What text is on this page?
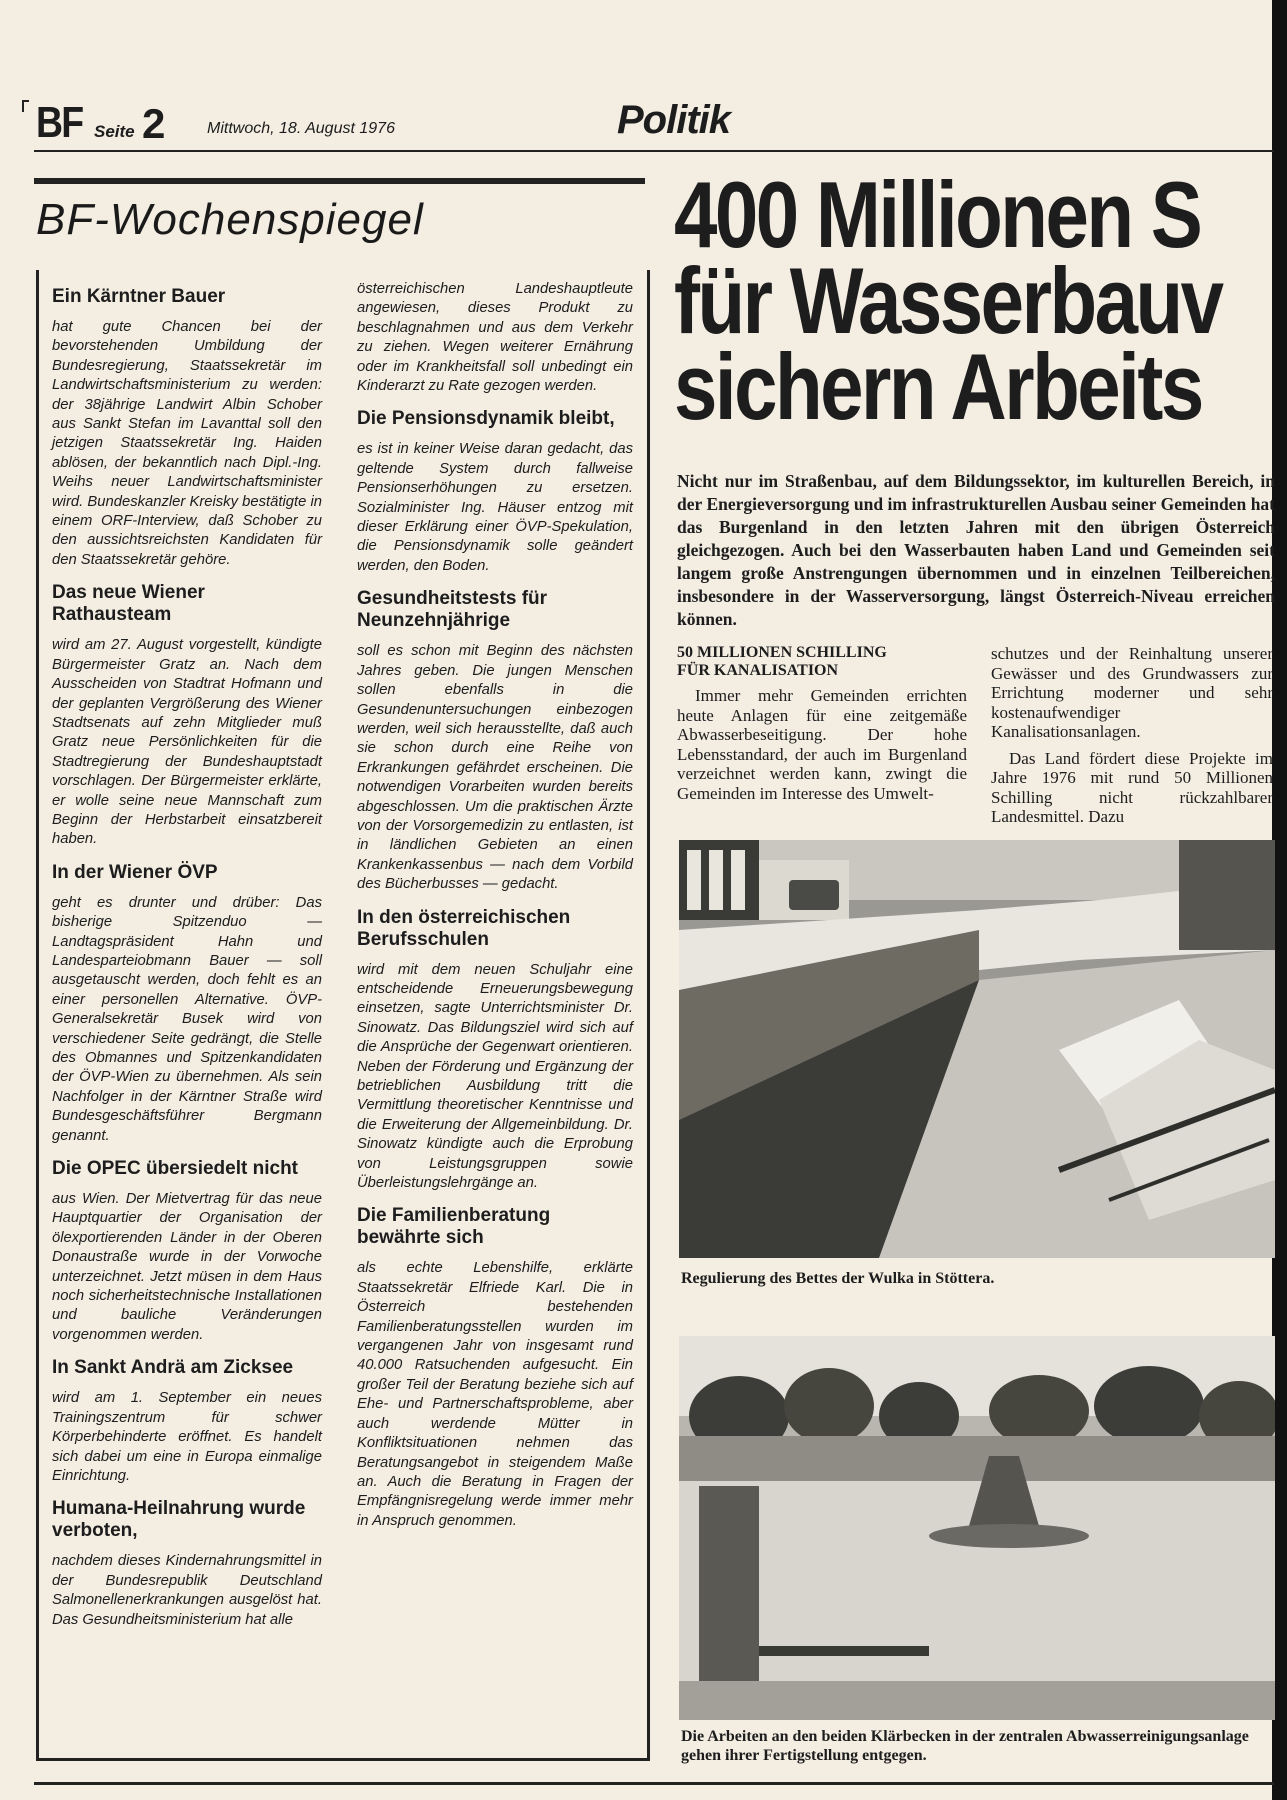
BF Seite 2	Mittwoch, 18. August 1976	Politik
BF-Wochenspiegel
Ein Kärntner Bauer
hat gute Chancen bei der bevorstehenden Umbildung der Bundesregierung, Staatssekretär im Landwirtschaftsministerium zu werden: der 38jährige Landwirt Albin Schober aus Sankt Stefan im Lavanttal soll den jetzigen Staatssekretär Ing. Haiden ablösen, der bekanntlich nach Dipl.-Ing. Weihs neuer Landwirtschaftsminister wird. Bundeskanzler Kreisky bestätigte in einem ORF-Interview, daß Schober zu den aussichtsreichsten Kandidaten für den Staatssekretär gehöre.
Das neue Wiener Rathausteam
wird am 27. August vorgestellt, kündigte Bürgermeister Gratz an. Nach dem Ausscheiden von Stadtrat Hofmann und der geplanten Vergrößerung des Wiener Stadtsenats auf zehn Mitglieder muß Gratz neue Persönlichkeiten für die Stadtregierung der Bundeshauptstadt vorschlagen. Der Bürgermeister erklärte, er wolle seine neue Mannschaft zum Beginn der Herbstarbeit einsatzbereit haben.
In der Wiener ÖVP
geht es drunter und drüber: Das bisherige Spitzenduo — Landtagspräsident Hahn und Landesparteiobmann Bauer — soll ausgetauscht werden, doch fehlt es an einer personellen Alternative. ÖVP-Generalsekretär Busek wird von verschiedener Seite gedrängt, die Stelle des Obmannes und Spitzenkandidaten der ÖVP-Wien zu übernehmen. Als sein Nachfolger in der Kärntner Straße wird Bundesgeschäftsführer Bergmann genannt.
Die OPEC übersiedelt nicht
aus Wien. Der Mietvertrag für das neue Hauptquartier der Organisation der ölexportierenden Länder in der Oberen Donaustraße wurde in der Vorwoche unterzeichnet. Jetzt müsen in dem Haus noch sicherheitstechnische Installationen und bauliche Veränderungen vorgenommen werden.
In Sankt Andrä am Zicksee
wird am 1. September ein neues Trainingszentrum für schwer Körperbehinderte eröffnet. Es handelt sich dabei um eine in Europa einmalige Einrichtung.
Humana-Heilnahrung wurde verboten,
nachdem dieses Kindernahrungsmittel in der Bundesrepublik Deutschland Salmonellenerkrankungen ausgelöst hat. Das Gesundheitsministerium hat alle
österreichischen Landeshauptleute angewiesen, dieses Produkt zu beschlagnahmen und aus dem Verkehr zu ziehen. Wegen weiterer Ernährung oder im Krankheitsfall soll unbedingt ein Kinderarzt zu Rate gezogen werden.
Die Pensionsdynamik bleibt,
es ist in keiner Weise daran gedacht, das geltende System durch fallweise Pensionserhöhungen zu ersetzen. Sozialminister Ing. Häuser entzog mit dieser Erklärung einer ÖVP-Spekulation, die Pensionsdynamik solle geändert werden, den Boden.
Gesundheitstests für Neunzehnjährige
soll es schon mit Beginn des nächsten Jahres geben. Die jungen Menschen sollen ebenfalls in die Gesundenuntersuchungen einbezogen werden, weil sich herausstellte, daß auch sie schon durch eine Reihe von Erkrankungen gefährdet erscheinen. Die notwendigen Vorarbeiten wurden bereits abgeschlossen. Um die praktischen Ärzte von der Vorsorgemedizin zu entlasten, ist in ländlichen Gebieten an einen Krankenkassenbus — nach dem Vorbild des Bücherbusses — gedacht.
In den österreichischen Berufsschulen
wird mit dem neuen Schuljahr eine entscheidende Erneuerungsbewegung einsetzen, sagte Unterrichtsminister Dr. Sinowatz. Das Bildungsziel wird sich auf die Ansprüche der Gegenwart orientieren. Neben der Förderung und Ergänzung der betrieblichen Ausbildung tritt die Vermittlung theoretischer Kenntnisse und die Erweiterung der Allgemeinbildung. Dr. Sinowatz kündigte auch die Erprobung von Leistungsgruppen sowie Überleistungslehrgänge an.
Die Familienberatung bewährte sich
als echte Lebenshilfe, erklärte Staatssekretär Elfriede Karl. Die in Österreich bestehenden Familienberatungsstellen wurden im vergangenen Jahr von insgesamt rund 40.000 Ratsuchenden aufgesucht. Ein großer Teil der Beratung beziehe sich auf Ehe- und Partnerschaftsprobleme, aber auch werdende Mütter in Konfliktsituationen nehmen das Beratungsangebot in steigendem Maße an. Auch die Beratung in Fragen der Empfängnisregelung werde immer mehr in Anspruch genommen.
400 Millionen S
für Wasserbauv
sichern Arbeits
Nicht nur im Straßenbau, auf dem Bildungssektor, im kulturellen Bereich, in der Energieversorgung und im infrastrukturellen Ausbau seiner Gemeinden hat das Burgenland in den letzten Jahren mit den übrigen Österreich gleichgezogen. Auch bei den Wasserbauten haben Land und Gemeinden seit langem große Anstrengungen übernommen und in einzelnen Teilbereichen, insbesondere in der Wasserversorgung, längst Österreich-Niveau erreichen können.
50 MILLIONEN SCHILLING
FÜR KANALISATION
Immer mehr Gemeinden errichten heute Anlagen für eine zeitgemäße Abwasserbeseitigung. Der hohe Lebensstandard, der auch im Burgenland verzeichnet werden kann, zwingt die Gemeinden im Interesse des Umwelt-
schutzes und der Reinhaltung unserer Gewässer und des Grundwassers zur Errichtung moderner und sehr kostenaufwendiger Kanalisationsanlagen.
Das Land fördert diese Projekte im Jahre 1976 mit rund 50 Millionen Schilling nicht rückzahlbarer Landesmittel. Dazu
Regulierung des Bettes der Wulka in Stöttera.
Die Arbeiten an den beiden Klärbecken in der zentralen Abwasserreinigungsanlage
gehen ihrer Fertigstellung entgegen.
